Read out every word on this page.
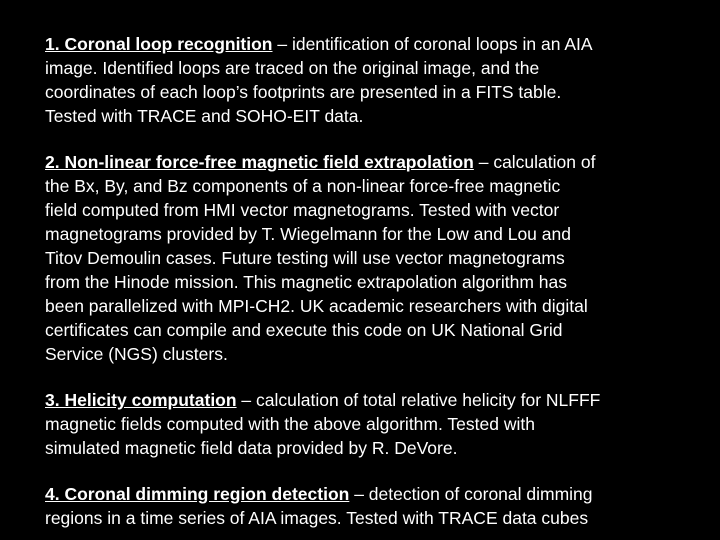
1. Coronal loop recognition – identification of coronal loops in an AIA
image. Identified loops are traced on the original image, and the
coordinates of each loop’s footprints are presented in a FITS table.
Tested with TRACE and SOHO-EIT data.

2. Non-linear force-free magnetic field extrapolation – calculation of
the Bx, By, and Bz components of a non-linear force-free magnetic
field computed from HMI vector magnetograms. Tested with vector
magnetograms provided by T. Wiegelmann for the Low and Lou and
Titov Demoulin cases. Future testing will use vector magnetograms
from the Hinode mission. This magnetic extrapolation algorithm has
been parallelized with MPI-CH2. UK academic researchers with digital
certificates can compile and execute this code on UK National Grid
Service (NGS) clusters.

3. Helicity computation – calculation of total relative helicity for NLFFF
magnetic fields computed with the above algorithm. Tested with
simulated magnetic field data provided by R. DeVore.

4. Coronal dimming region detection – detection of coronal dimming
regions in a time series of AIA images. Tested with TRACE data cubes
